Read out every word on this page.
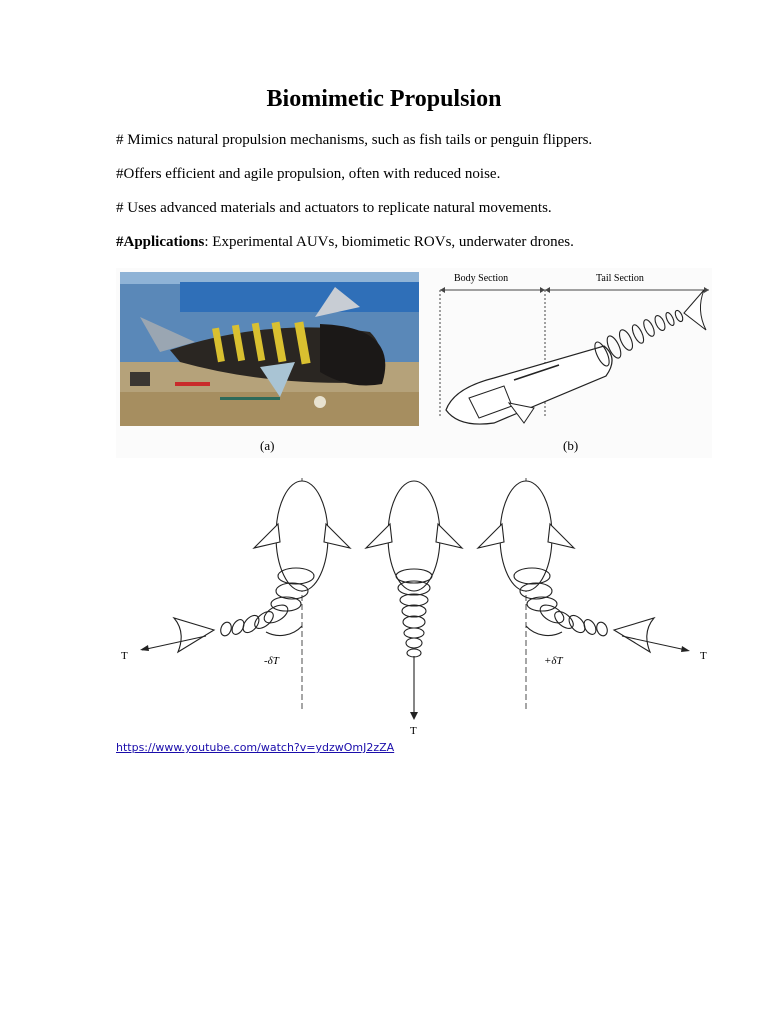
Biomimetic Propulsion

# Mimics natural propulsion mechanisms, such as fish tails or penguin flippers.

#Offers efficient and agile propulsion, often with reduced noise.

# Uses advanced materials and actuators to replicate natural movements.

#Applications: Experimental AUVs, biomimetic ROVs, underwater drones.

Body Section	Tail Section
(a)	(b)
T	-δT
T
T
+δT
https://www.youtube.com/watch?v=ydzwOmJ2zZA
